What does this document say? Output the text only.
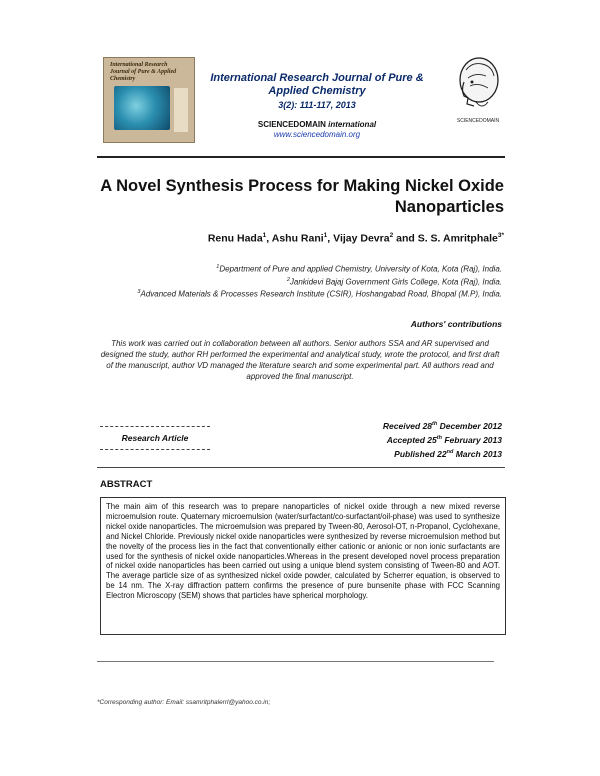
International Research Journal of Pure & Applied Chemistry	International Research Journal of Pure & Applied Chemistry
3(2): 111-117, 2013
SCIENCEDOMAIN international
www.sciencedomain.org
SCIENCEDOMAIN
A Novel Synthesis Process for Making Nickel Oxide Nanoparticles
Renu Hada$^1$, Ashu Rani$^1$, Vijay Devra$^2$ and S. S. Amritphale$^{3*}$
$^1$Department of Pure and applied Chemistry, University of Kota, Kota (Raj), India.
$^2$Jankidevi Bajaj Government Girls College, Kota (Raj), India.
$^3$Advanced Materials & Processes Research Institute (CSIR), Hoshangabad Road, Bhopal (M.P), India.
Authors' contributions
This work was carried out in collaboration between all authors. Senior authors SSA and AR supervised and designed the study, author RH performed the experimental and analytical study, wrote the protocol, and first draft of the manuscript, author VD managed the literature search and some experimental part. All authors read and approved the final manuscript.
Research Article
Received 28th December 2012
Accepted 25th February 2013
Published 22nd March 2013
ABSTRACT
The main aim of this research was to prepare nanoparticles of nickel oxide through a new mixed reverse microemulsion route. Quaternary microemulsion (water/surfactant/co-surfactant/oil-phase) was used to synthesize nickel oxide nanoparticles. The microemulsion was prepared by Tween-80, Aerosol-OT, n-Propanol, Cyclohexane, and Nickel Chloride. Previously nickel oxide nanoparticles were synthesized by reverse microemulsion method but the novelty of the process lies in the fact that conventionally either cationic or anionic or non ionic surfactants are used for the synthesis of nickel oxide nanoparticles.Whereas in the present developed novel process preparation of nickel oxide nanoparticles has been carried out using a unique blend system consisting of Tween-80 and AOT. The average particle size of as synthesized nickel oxide powder, calculated by Scherrer equation, is observed to be 14 nm. The X-ray diffraction pattern confirms the presence of pure bunsenite phase with FCC Scanning Electron Microscopy (SEM) shows that particles have spherical morphology.
*Corresponding author: Email: ssamritphalerrl@yahoo.co.in;
